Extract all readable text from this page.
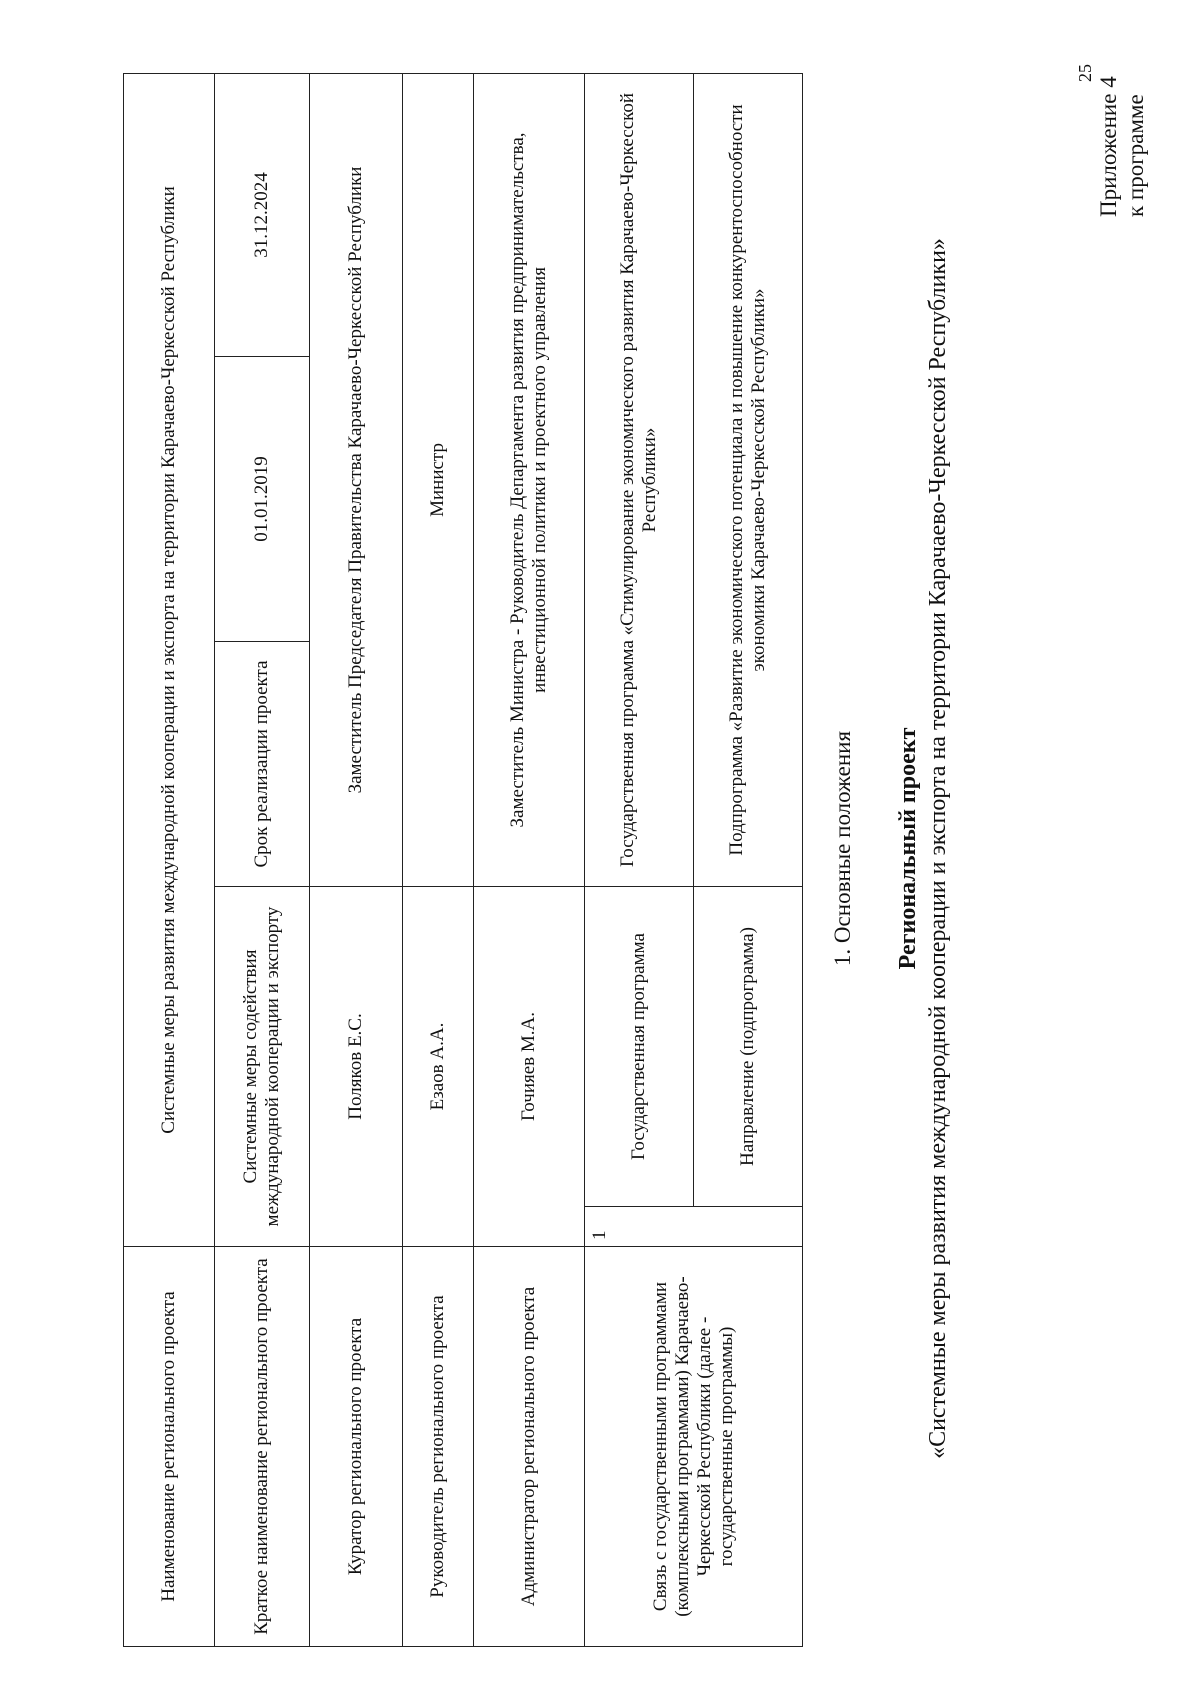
25
Приложение 4 к программе
Региональный проект «Системные меры развития международной кооперации и экспорта на территории Карачаево-Черкесской Республики»
1. Основные положения
Наименование регионального проекта	Системные меры развития международной кооперации и экспорта на территории Карачаево-Черкесской Республики				
Краткое наименование регионального проекта	Системные меры содействия международной кооперации и экспорту		Срок реализации проекта	01.01.2019	31.12.2024
Куратор регионального проекта	Поляков Е.С.		Заместитель Председателя Правительства Карачаево-Черкесской Республики		
Руководитель регионального проекта	Езаов А.А.		Министр		
Администратор регионального проекта	Гочияев М.А.		Заместитель Министра - Руководитель Департамента развития предпринимательства, инвестиционной политики и проектного управления		
Связь с государственными программами (комплексными программами) Карачаево-Черкесской Республики (далее - государственные программы)	1	Государственная программа	Государственная программа «Стимулирование экономического развития Карачаево-Черкесской Республики»		
		Направление (подпрограмма)	Подпрограмма «Развитие экономического потенциала и повышение конкурентоспособности экономики Карачаево-Черкесской Республики»		
